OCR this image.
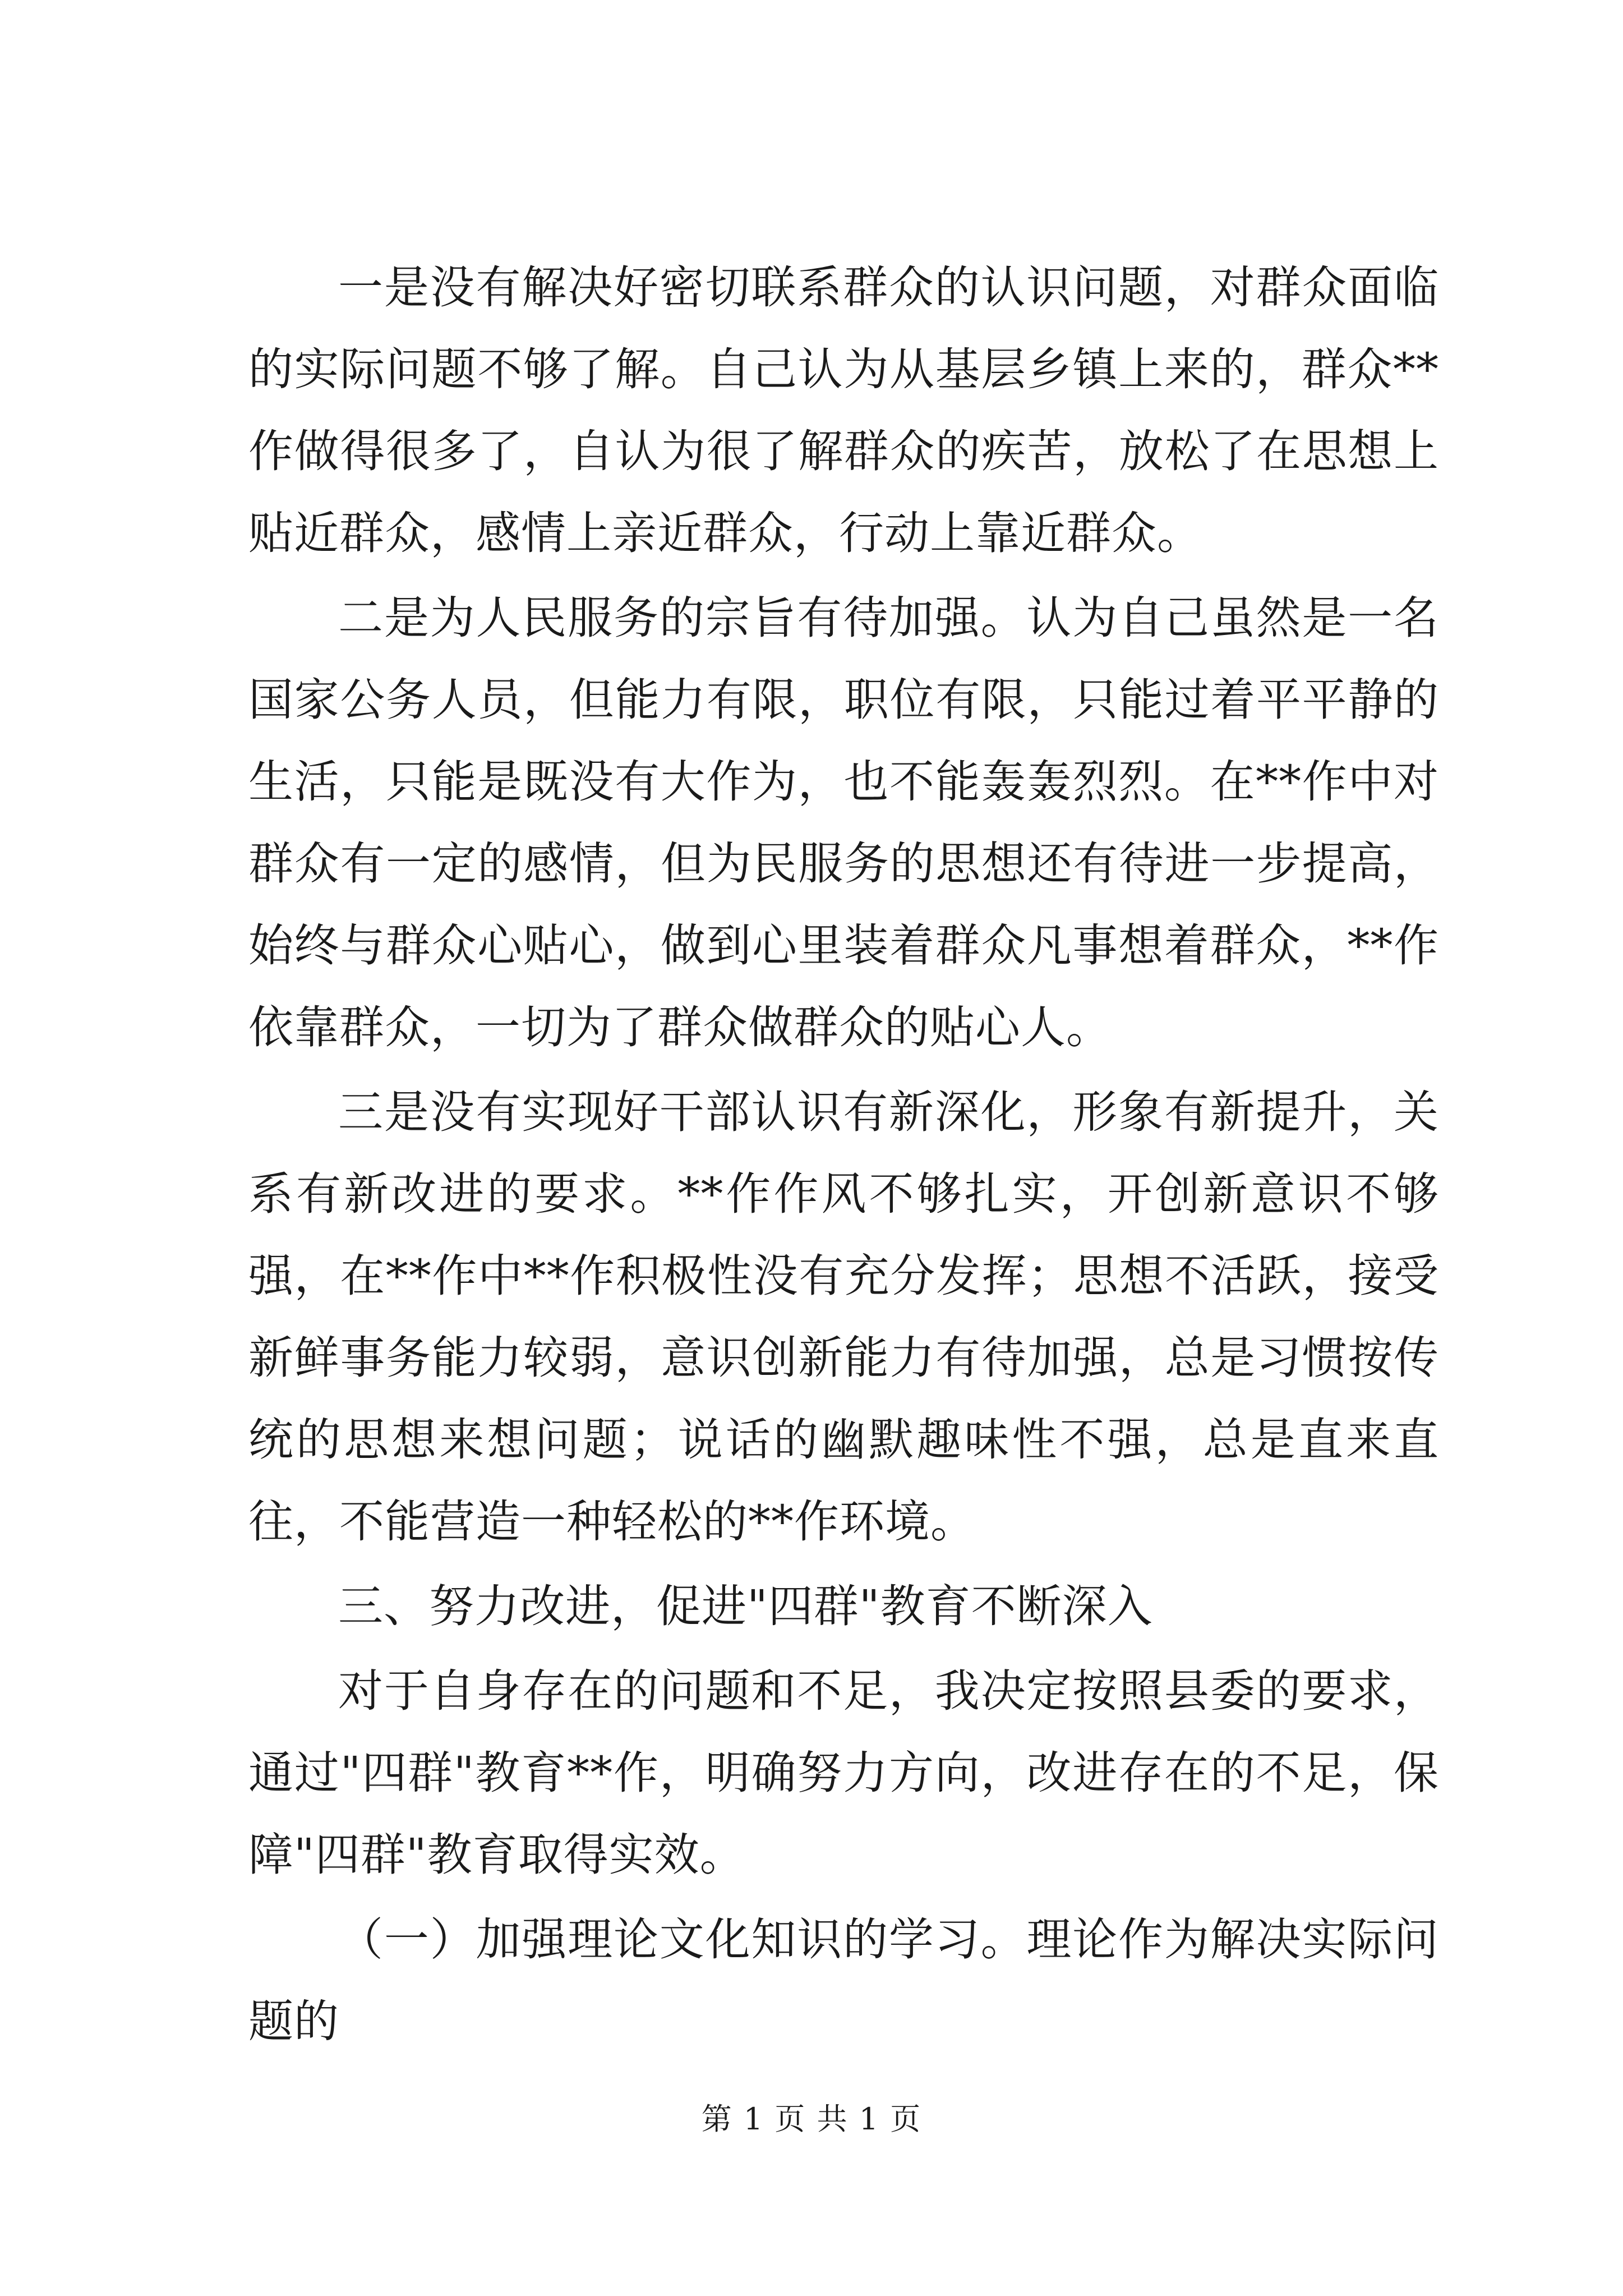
一是没有解决好密切联系群众的认识问题，对群众面临的实际问题不够了解。自己认为从基层乡镇上来的，群众**作做得很多了，自认为很了解群众的疾苦，放松了在思想上贴近群众，感情上亲近群众，行动上靠近群众。

二是为人民服务的宗旨有待加强。认为自己虽然是一名国家公务人员，但能力有限，职位有限，只能过着平平静的生活，只能是既没有大作为，也不能轰轰烈烈。在**作中对群众有一定的感情，但为民服务的思想还有待进一步提高，始终与群众心贴心，做到心里装着群众凡事想着群众，**作依靠群众，一切为了群众做群众的贴心人。

三是没有实现好干部认识有新深化，形象有新提升，关系有新改进的要求。**作作风不够扎实，开创新意识不够强，在**作中**作积极性没有充分发挥；思想不活跃，接受新鲜事务能力较弱，意识创新能力有待加强，总是习惯按传统的思想来想问题；说话的幽默趣味性不强，总是直来直往，不能营造一种轻松的**作环境。

三、努力改进，促进"四群"教育不断深入

对于自身存在的问题和不足，我决定按照县委的要求，通过"四群"教育**作，明确努力方向，改进存在的不足，保障"四群"教育取得实效。

（一）加强理论文化知识的学习。理论作为解决实际问题的

第 1 页 共 1 页
